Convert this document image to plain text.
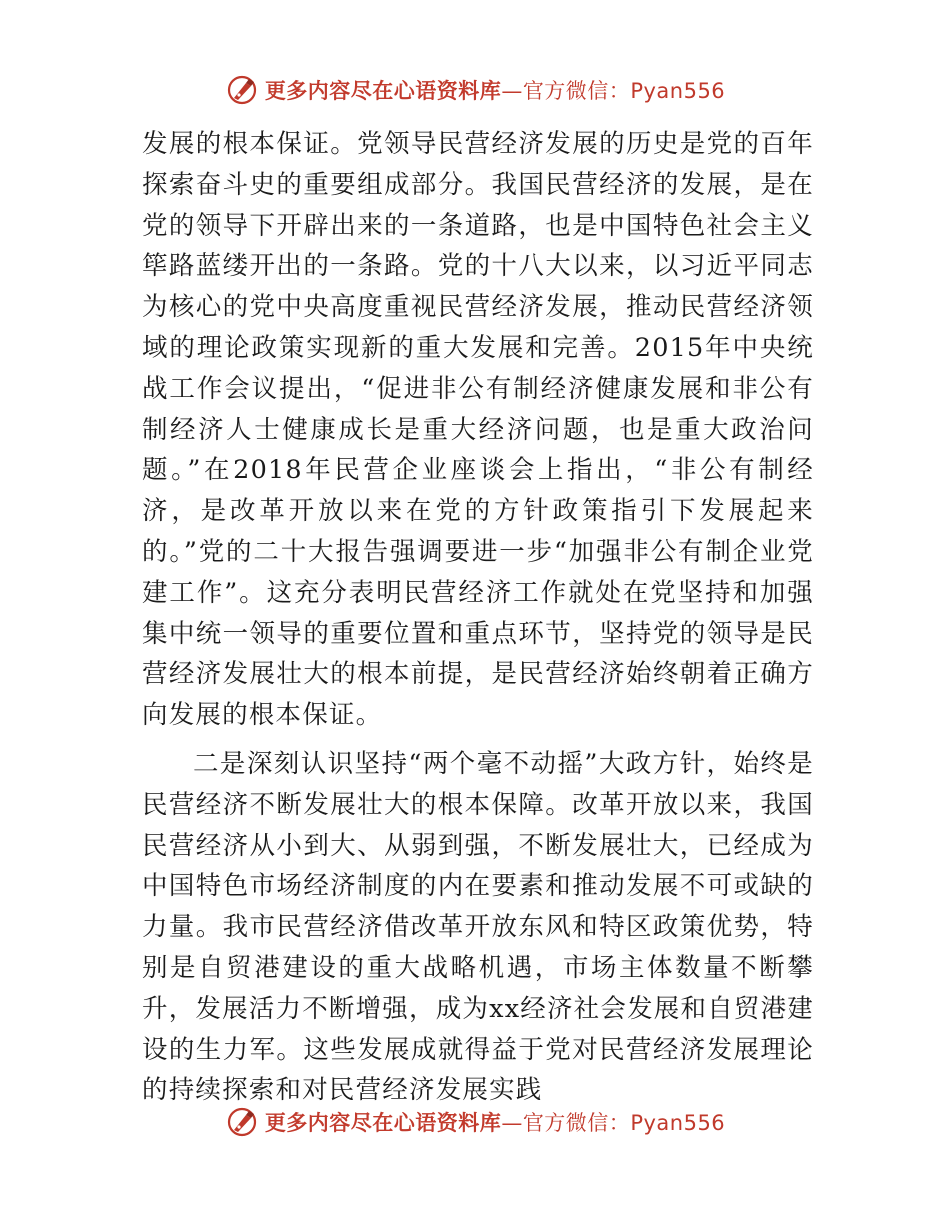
更多内容尽在心语资料库—官方微信：Pyan556

发展的根本保证。党领导民营经济发展的历史是党的百年探索奋斗史的重要组成部分。我国民营经济的发展，是在党的领导下开辟出来的一条道路，也是中国特色社会主义筚路蓝缕开出的一条路。党的十八大以来，以习近平同志为核心的党中央高度重视民营经济发展，推动民营经济领域的理论政策实现新的重大发展和完善。2015年中央统战工作会议提出，“促进非公有制经济健康发展和非公有制经济人士健康成长是重大经济问题，也是重大政治问题。”在2018年民营企业座谈会上指出，“非公有制经济，是改革开放以来在党的方针政策指引下发展起来的。”党的二十大报告强调要进一步“加强非公有制企业党建工作”。这充分表明民营经济工作就处在党坚持和加强集中统一领导的重要位置和重点环节，坚持党的领导是民营经济发展壮大的根本前提，是民营经济始终朝着正确方向发展的根本保证。

二是深刻认识坚持“两个毫不动摇”大政方针，始终是民营经济不断发展壮大的根本保障。改革开放以来，我国民营经济从小到大、从弱到强，不断发展壮大，已经成为中国特色市场经济制度的内在要素和推动发展不可或缺的力量。我市民营经济借改革开放东风和特区政策优势，特别是自贸港建设的重大战略机遇，市场主体数量不断攀升，发展活力不断增强，成为xx经济社会发展和自贸港建设的生力军。这些发展成就得益于党对民营经济发展理论的持续探索和对民营经济发展实践

更多内容尽在心语资料库—官方微信：Pyan556
